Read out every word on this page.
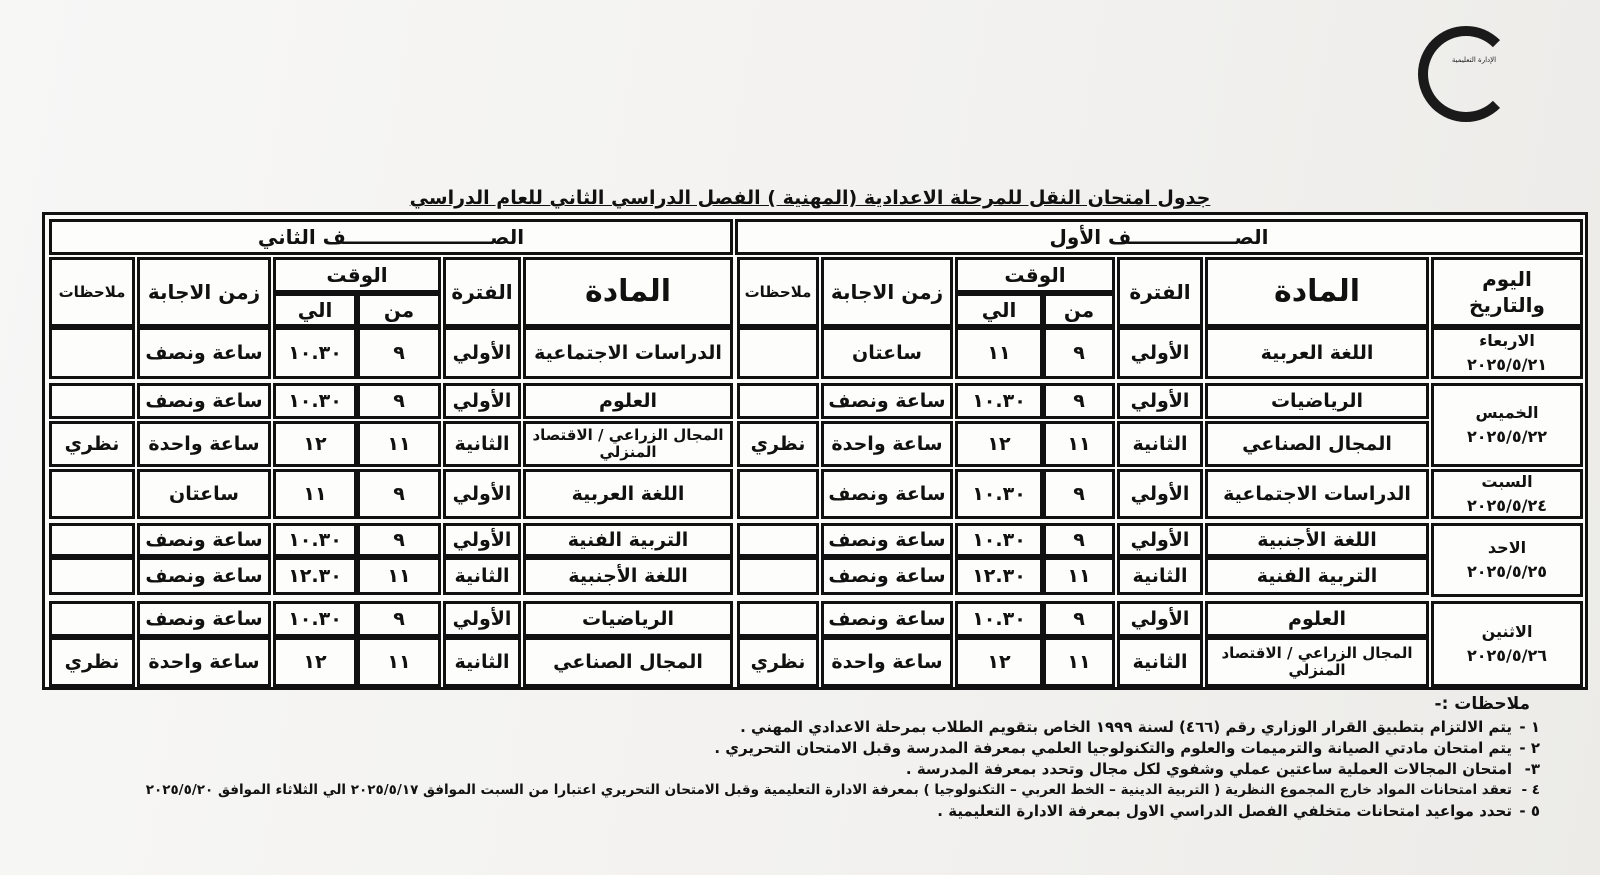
الإدارة التعليمية
جدول امتحان النقل للمرحلة الاعدادية (المهنية ) الفصل الدراسي الثاني للعام الدراسي
الصـــــــــــــــف الأول
الصـــــــــــــــــــــف الثاني
اليوم والتاريخ
المادة
الفترة
الوقت
من
الي
زمن الاجابة
ملاحظات
المادة
الفترة
الوقت
من
الي
زمن الاجابة
ملاحظات
الاربعاء
٢٠٢٥/٥/٢١
الخميس
٢٠٢٥/٥/٢٢
السبت
٢٠٢٥/٥/٢٤
الاحد
٢٠٢٥/٥/٢٥
الاثنين
٢٠٢٥/٥/٢٦
اللغة العربية
الأولي
٩
١١
ساعتان
الرياضيات
الأولي
٩
١٠.٣٠
ساعة ونصف
المجال الصناعي
الثانية
١١
١٢
ساعة واحدة
نظري
الدراسات الاجتماعية
الأولي
٩
١٠.٣٠
ساعة ونصف
اللغة الأجنبية
الأولي
٩
١٠.٣٠
ساعة ونصف
التربية الفنية
الثانية
١١
١٢.٣٠
ساعة ونصف
العلوم
الأولي
٩
١٠.٣٠
ساعة ونصف
المجال الزراعي / الاقتصاد المنزلي
الثانية
١١
١٢
ساعة واحدة
نظري
الدراسات الاجتماعية
الأولي
٩
١٠.٣٠
ساعة ونصف
العلوم
الأولي
٩
١٠.٣٠
ساعة ونصف
المجال الزراعي / الاقتصاد المنزلي
الثانية
١١
١٢
ساعة واحدة
نظري
اللغة العربية
الأولي
٩
١١
ساعتان
التربية الفنية
الأولي
٩
١٠.٣٠
ساعة ونصف
اللغة الأجنبية
الثانية
١١
١٢.٣٠
ساعة ونصف
الرياضيات
الأولي
٩
١٠.٣٠
ساعة ونصف
المجال الصناعي
الثانية
١١
١٢
ساعة واحدة
نظري
ملاحظات :-
١ -يتم الالتزام بتطبيق القرار الوزاري رقم (٤٦٦) لسنة ١٩٩٩ الخاص بتقويم الطلاب بمرحلة الاعدادي المهني .
٢ -يتم امتحان مادتي الصيانة والترميمات والعلوم والتكنولوجيا العلمي بمعرفة المدرسة وقبل الامتحان التحريري .
٣-امتحان المجالات العملية ساعتين عملي وشفوي لكل مجال وتحدد بمعرفة المدرسة .
٤ -تعقد امتحانات المواد خارج المجموع النظرية ( التربية الدينية – الخط العربي – التكنولوجيا ) بمعرفة الادارة التعليمية وقبل الامتحان التحريري اعتبارا من السبت الموافق ٢٠٢٥/٥/١٧ الي الثلاثاء الموافق ٢٠٢٥/٥/٢٠
٥ -تحدد مواعيد امتحانات متخلفي الفصل الدراسي الاول بمعرفة الادارة التعليمية .
